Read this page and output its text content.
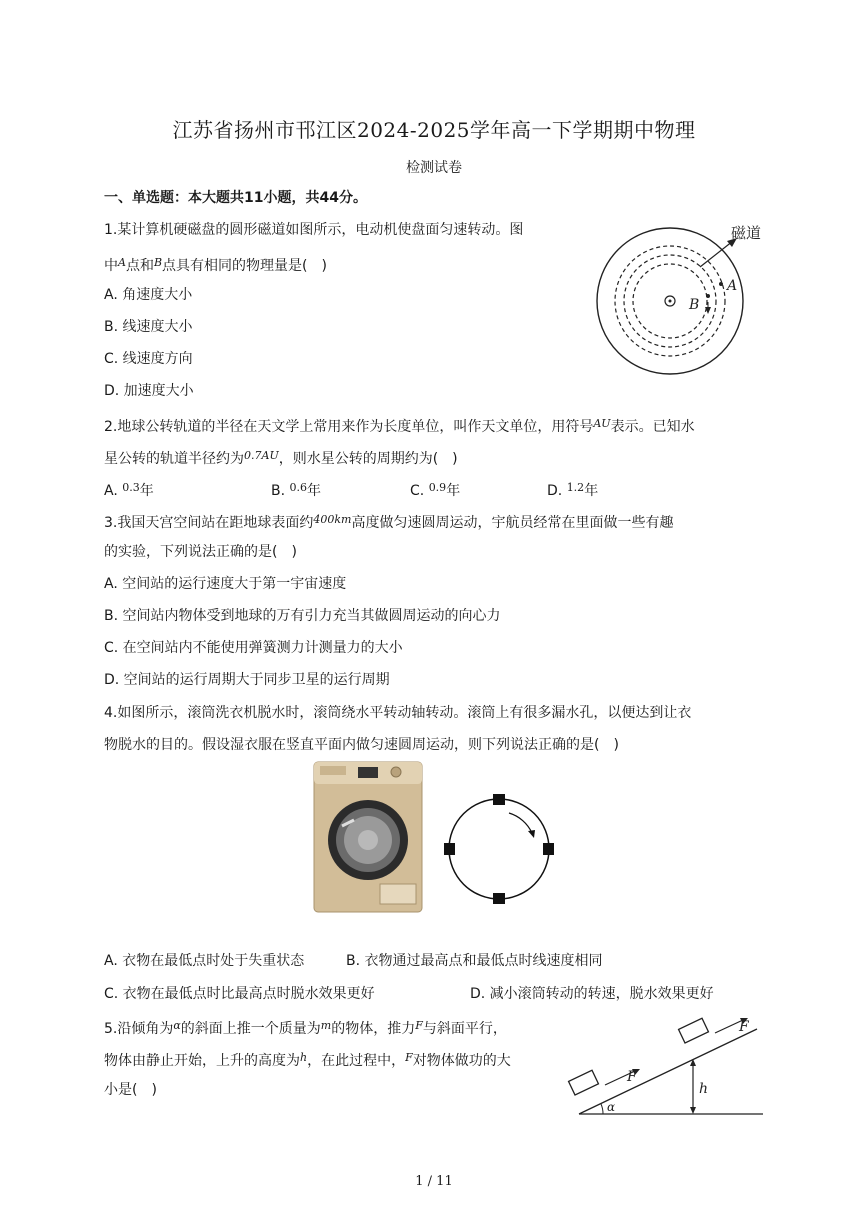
江苏省扬州市邗江区2024-2025学年高一下学期期中物理
检测试卷
一、单选题：本大题共11小题，共44分。
1.某计算机硬磁盘的圆形磁道如图所示，电动机使盘面匀速转动。图
中$^A$点和$^B$点具有相同的物理量是(　)
A. 角速度大小
B. 线速度大小
C. 线速度方向
D. 加速度大小
磁道
A
B
2.地球公转轨道的半径在天文学上常用来作为长度单位，叫作天文单位，用符号$^{AU}$表示。已知水
星公转的轨道半径约为$^{0.7AU}$，则水星公转的周期约为(　)
A. $^{0.3}$年	B. $^{0.6}$年	C. $^{0.9}$年	D. $^{1.2}$年
3.我国天宫空间站在距地球表面约$^{400km}$高度做匀速圆周运动，宇航员经常在里面做一些有趣
的实验，下列说法正确的是(　)
A. 空间站的运行速度大于第一宇宙速度
B. 空间站内物体受到地球的万有引力充当其做圆周运动的向心力
C. 在空间站内不能使用弹簧测力计测量力的大小
D. 空间站的运行周期大于同步卫星的运行周期
4.如图所示，滚筒洗衣机脱水时，滚筒绕水平转动轴转动。滚筒上有很多漏水孔，以便达到让衣
物脱水的目的。假设湿衣服在竖直平面内做匀速圆周运动，则下列说法正确的是(　)
A. 衣物在最低点时处于失重状态	B. 衣物通过最高点和最低点时线速度相同
C. 衣物在最低点时比最高点时脱水效果更好	D. 减小滚筒转动的转速，脱水效果更好
5.沿倾角为$^\alpha$的斜面上推一个质量为$^m$的物体，推力$^F$与斜面平行，
物体由静止开始，上升的高度为$^h$，在此过程中，$^F$对物体做功的大
小是(　)
F
F
h
α
1 / 11
